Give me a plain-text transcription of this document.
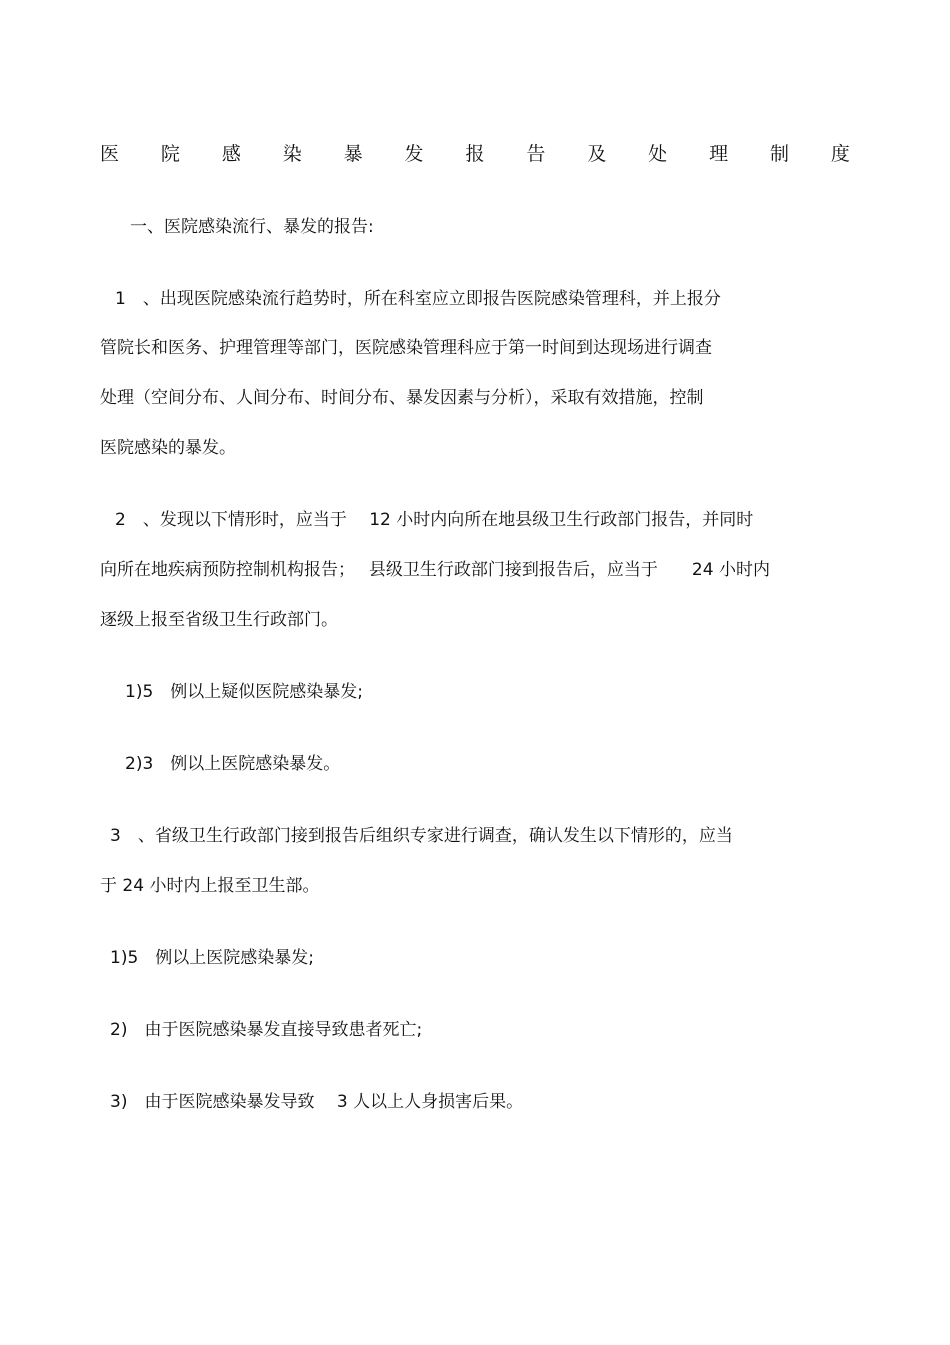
医 院 感 染 暴 发 报 告 及 处 理 制 度
一、医院感染流行、暴发的报告:
1　、出现医院感染流行趋势时，所在科室应立即报告医院感染管理科，并上报分
管院长和医务、护理管理等部门，医院感染管理科应于第一时间到达现场进行调查
处理（空间分布、人间分布、时间分布、暴发因素与分析），采取有效措施，控制
医院感染的暴发。
2　、发现以下情形时，应当于　 12 小时内向所在地县级卫生行政部门报告，并同时
向所在地疾病预防控制机构报告；　 县级卫生行政部门接到报告后，应当于　　24 小时内
逐级上报至省级卫生行政部门。
1)5　例以上疑似医院感染暴发;
2)3　例以上医院感染暴发。
3　、省级卫生行政部门接到报告后组织专家进行调查，确认发生以下情形的，应当
于 24 小时内上报至卫生部。
1)5　例以上医院感染暴发;
2)　由于医院感染暴发直接导致患者死亡;
3)　由于医院感染暴发导致　 3 人以上人身损害后果。
